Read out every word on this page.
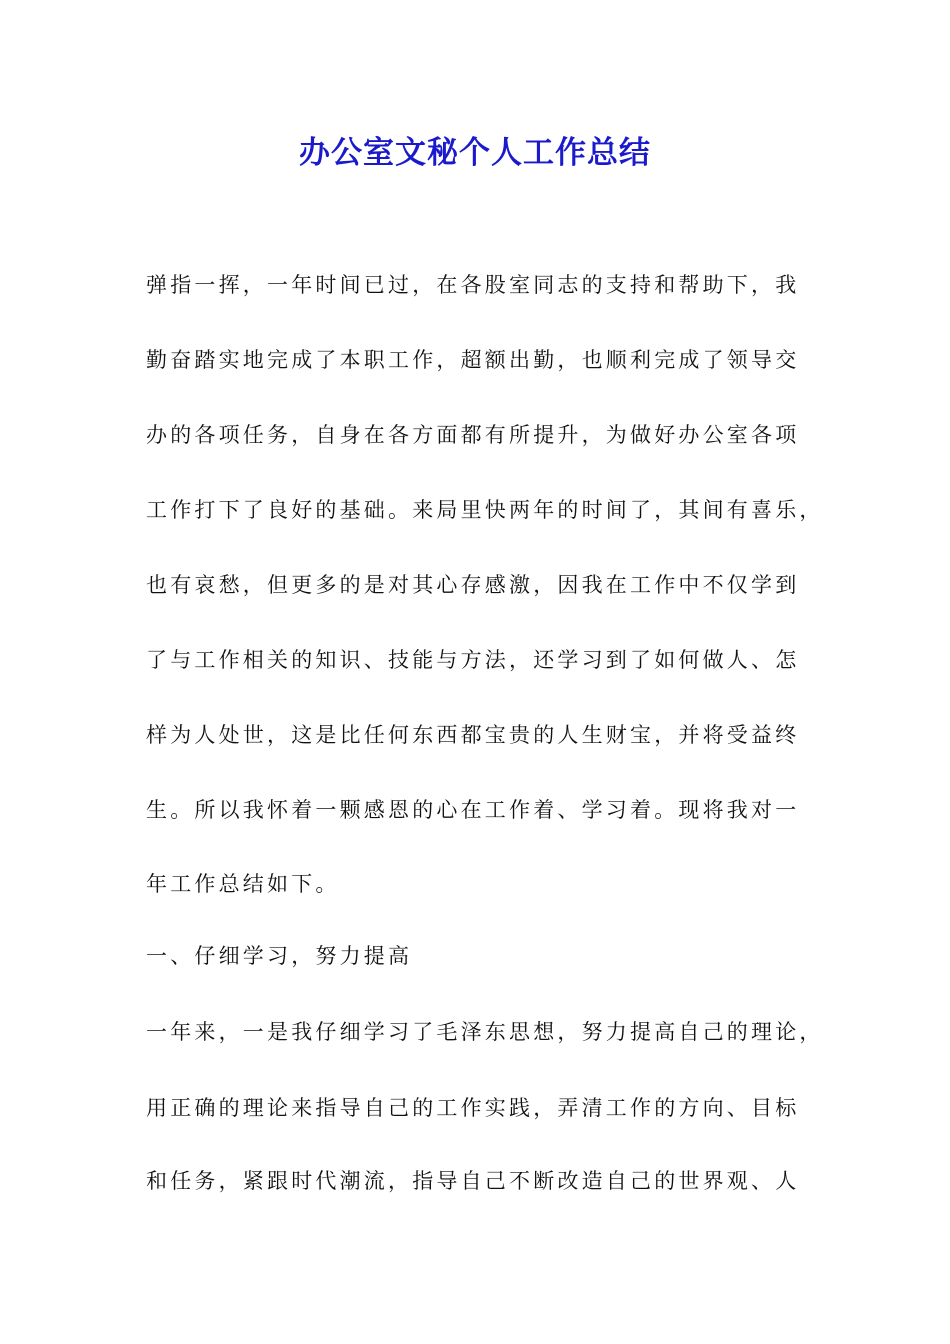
办公室文秘个人工作总结
弹指一挥，一年时间已过，在各股室同志的支持和帮助下，我
勤奋踏实地完成了本职工作，超额出勤，也顺利完成了领导交
办的各项任务，自身在各方面都有所提升，为做好办公室各项
工作打下了良好的基础。来局里快两年的时间了，其间有喜乐，
也有哀愁，但更多的是对其心存感激，因我在工作中不仅学到
了与工作相关的知识、技能与方法，还学习到了如何做人、怎
样为人处世，这是比任何东西都宝贵的人生财宝，并将受益终
生。所以我怀着一颗感恩的心在工作着、学习着。现将我对一
年工作总结如下。
一、仔细学习，努力提高
一年来，一是我仔细学习了毛泽东思想，努力提高自己的理论，
用正确的理论来指导自己的工作实践，弄清工作的方向、目标
和任务，紧跟时代潮流，指导自己不断改造自己的世界观、人
